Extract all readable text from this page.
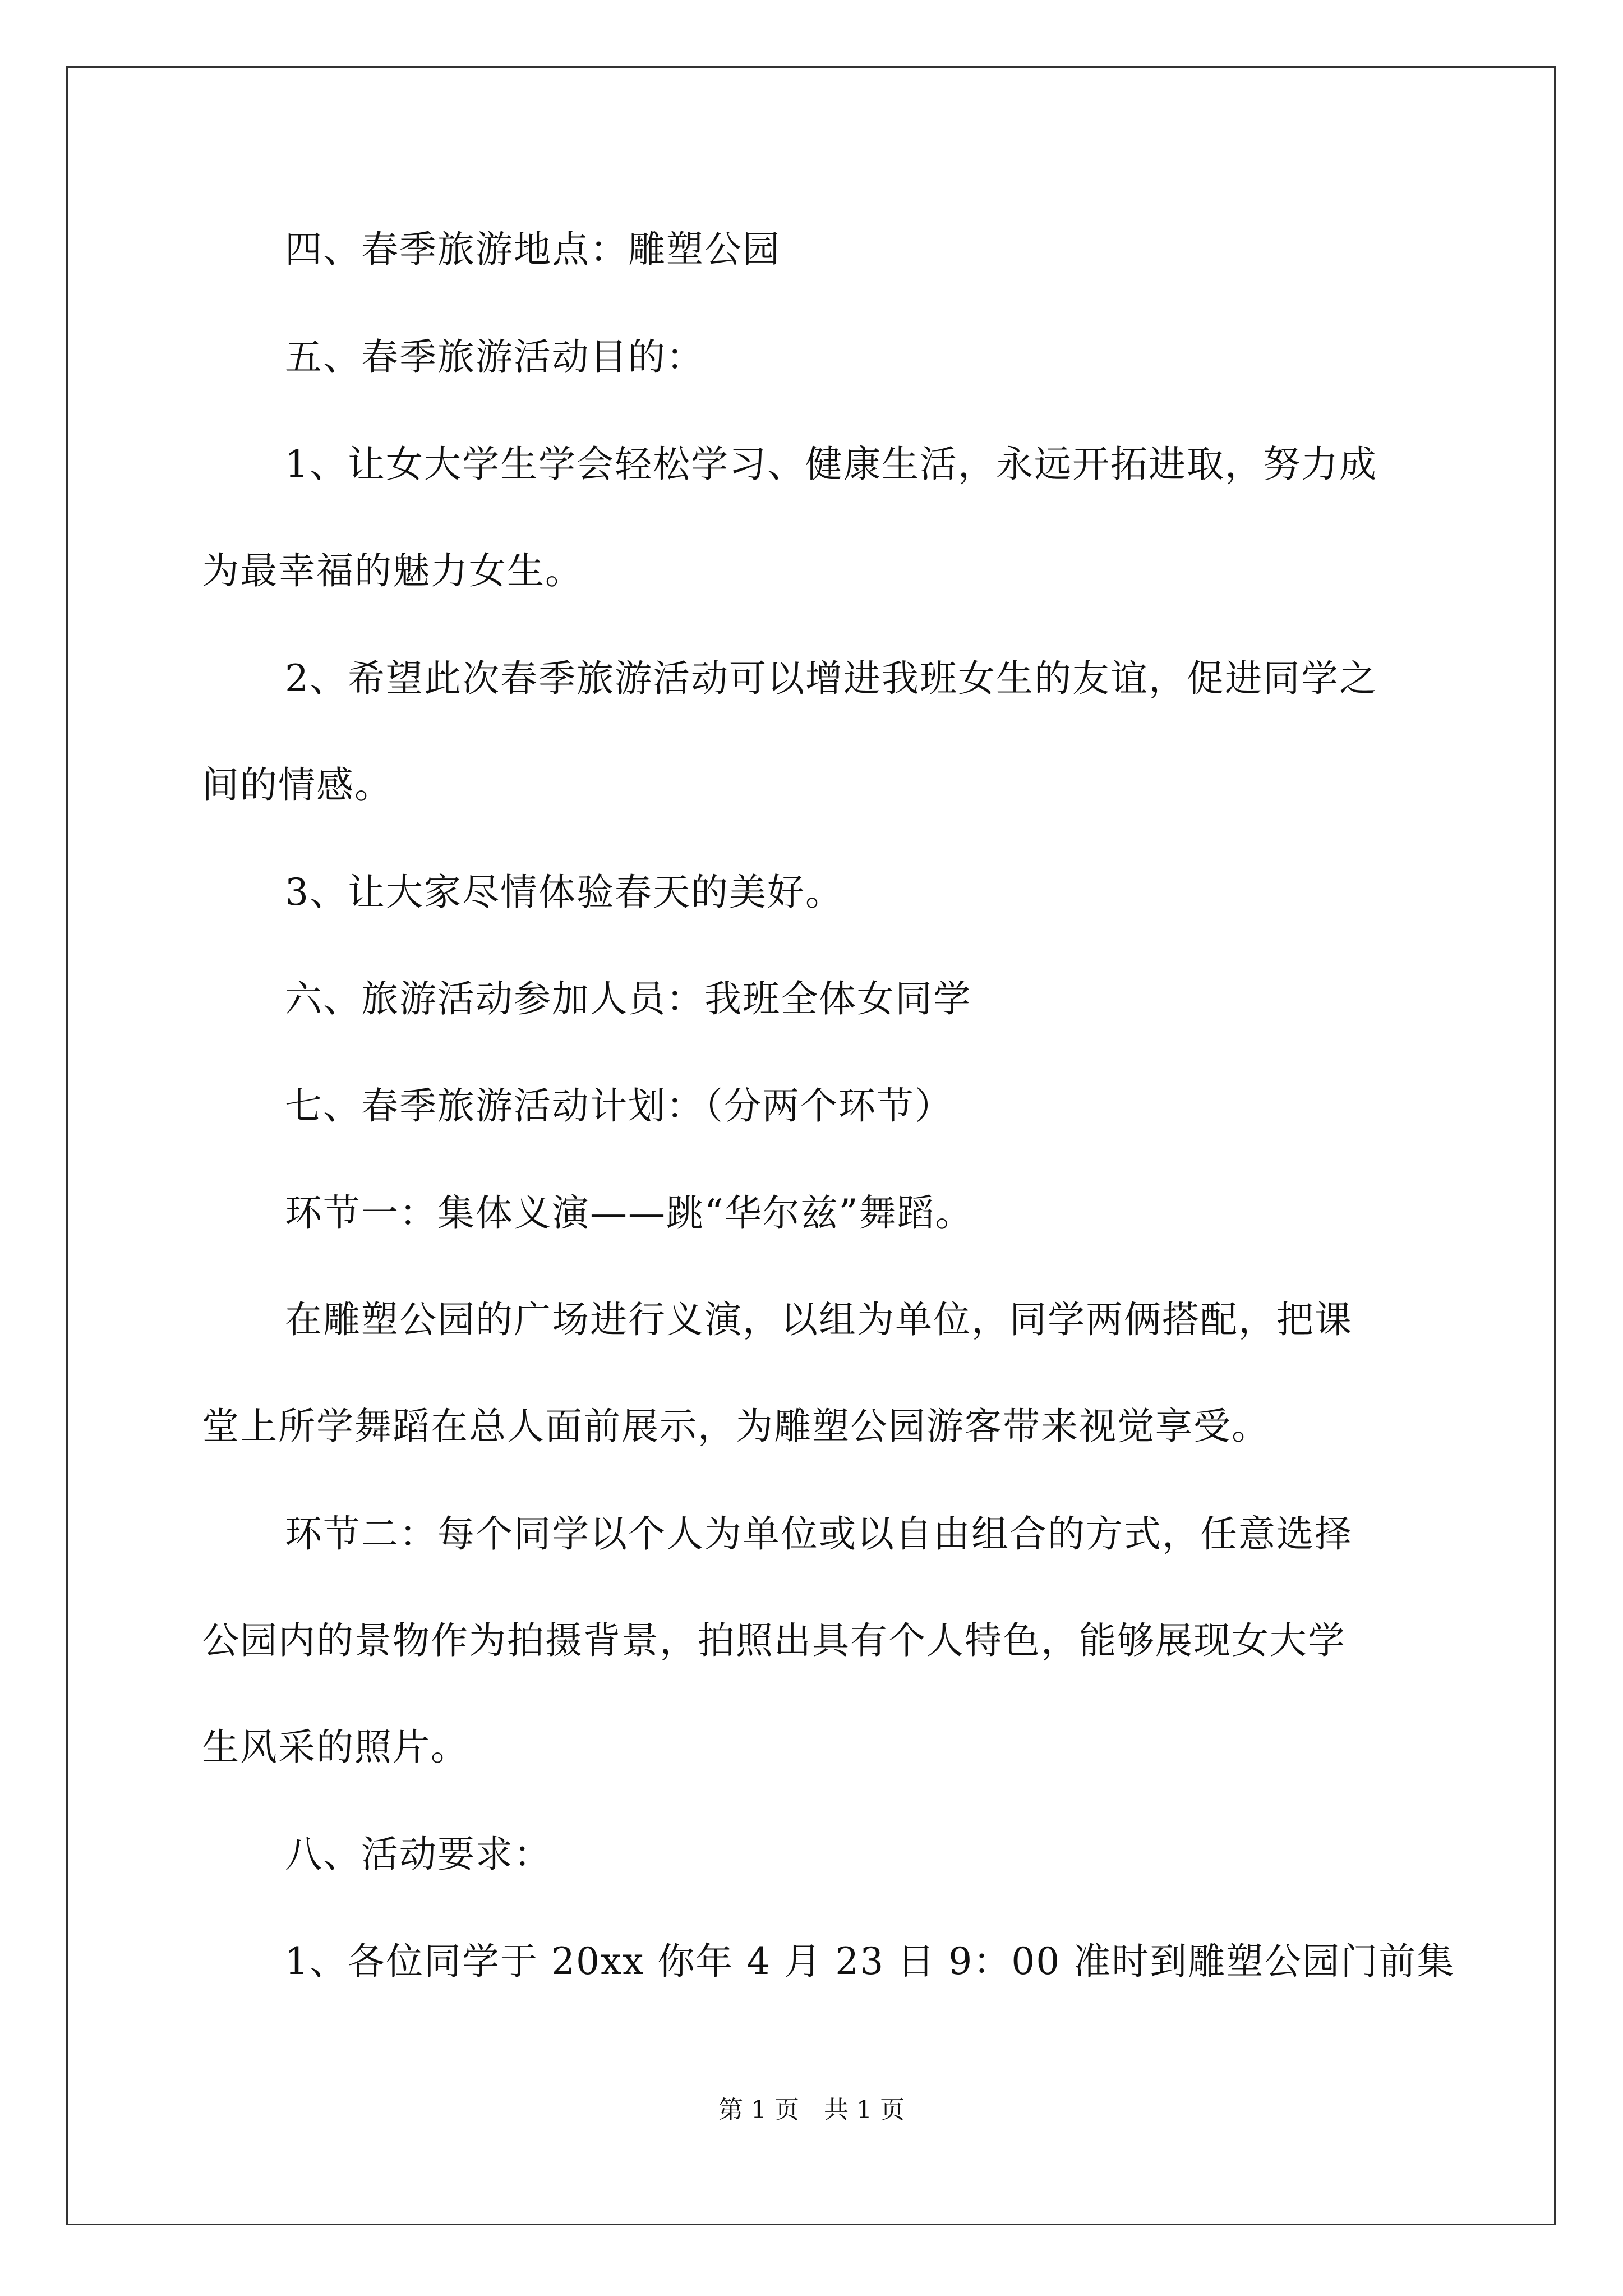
四、春季旅游地点：雕塑公园
五、春季旅游活动目的：
1、让女大学生学会轻松学习、健康生活，永远开拓进取，努力成
为最幸福的魅力女生。
2、希望此次春季旅游活动可以增进我班女生的友谊，促进同学之
间的情感。
3、让大家尽情体验春天的美好。
六、旅游活动参加人员：我班全体女同学
七、春季旅游活动计划：（分两个环节）
环节一：集体义演——跳“华尔兹”舞蹈。
在雕塑公园的广场进行义演，以组为单位，同学两俩搭配，把课
堂上所学舞蹈在总人面前展示，为雕塑公园游客带来视觉享受。
环节二：每个同学以个人为单位或以自由组合的方式，任意选择
公园内的景物作为拍摄背景，拍照出具有个人特色，能够展现女大学
生风采的照片。
八、活动要求：
1、各位同学于 20xx 你年 4 月 23 日 9：00 准时到雕塑公园门前集
第 1 页　共 1 页
